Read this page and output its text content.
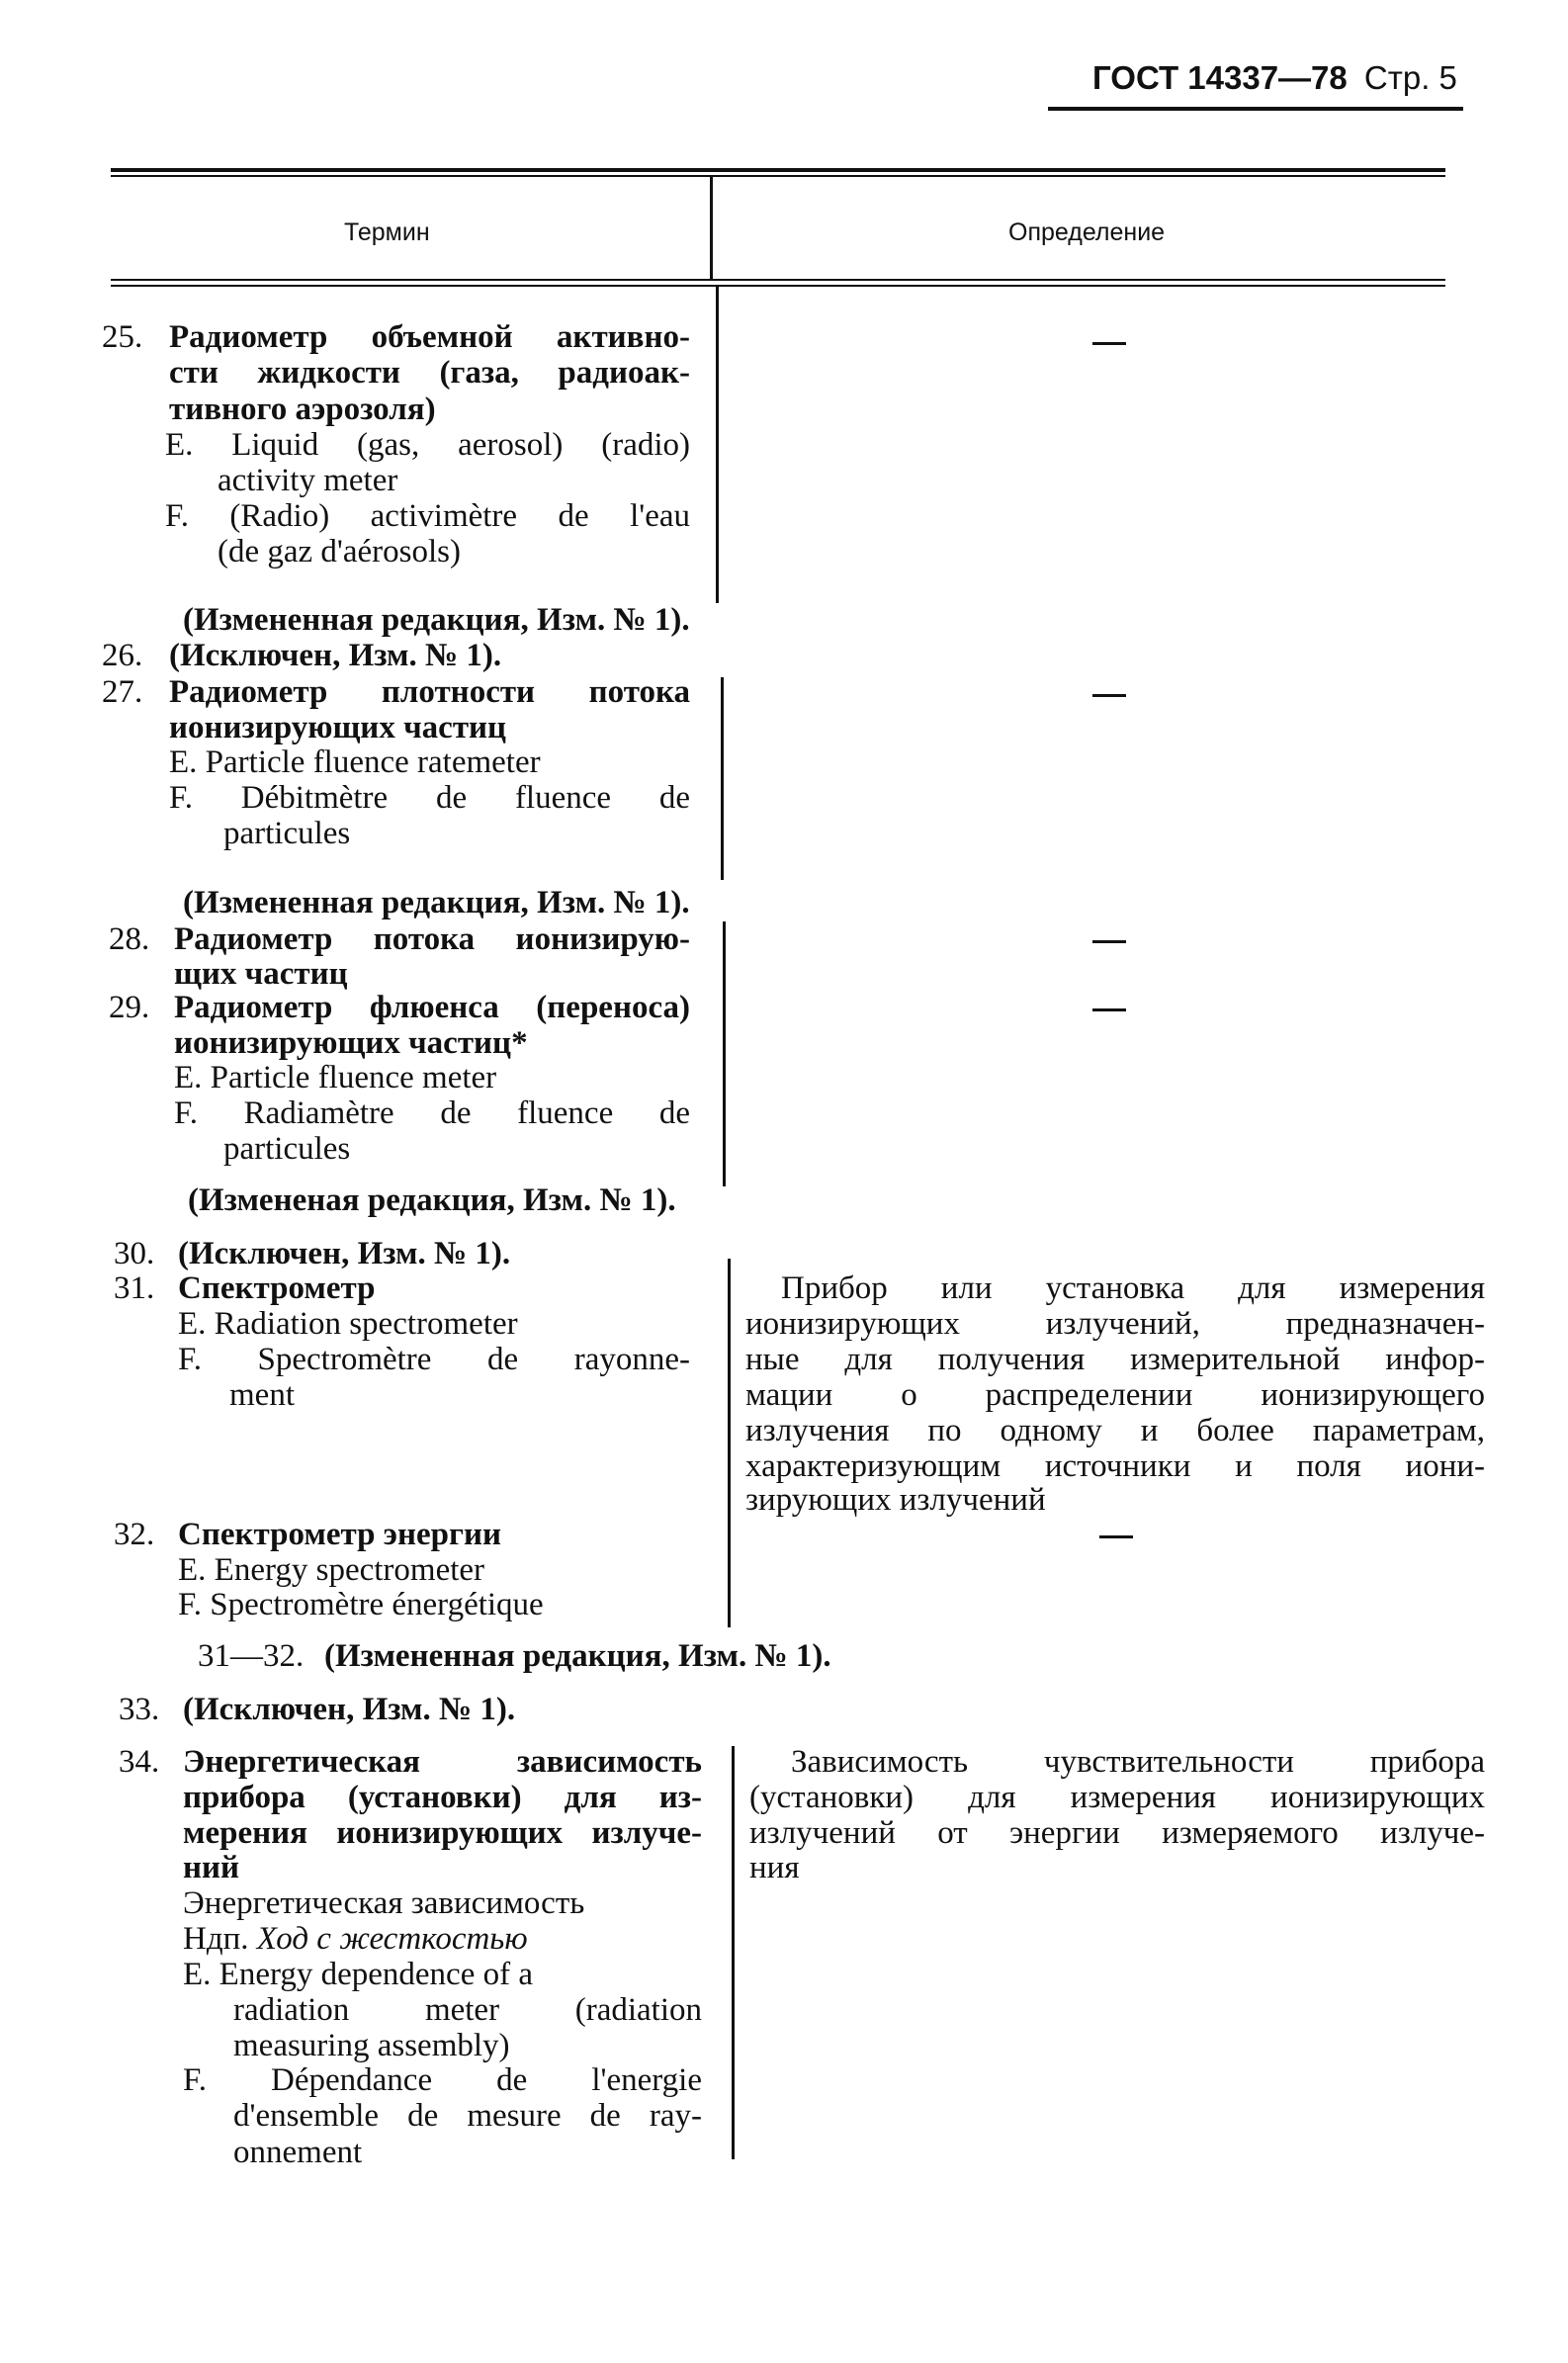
ГОСТ 14337—78 Стр. 5
Термин	Определение
25. Радиометр объемной активно-
сти жидкости (газа, радиоак-
тивного аэрозоля)
E. Liquid (gas, aerosol) (radio)
activity meter
F. (Radio) activimètre de l'eau
(de gaz d'aérosols)
(Измененная редакция, Изм. № 1).
26. (Исключен, Изм. № 1).
27. Радиометр плотности потока
ионизирующих частиц
E. Particle fluence ratemeter
F. Débitmètre de fluence de
particules
(Измененная редакция, Изм. № 1).
28. Радиометр потока ионизирую-
щих частиц
29. Радиометр флюенса (переноса)
ионизирующих частиц*
E. Particle fluence meter
F. Radiamètre de fluence de
particules
(Измененая редакция, Изм. № 1).
30. (Исключен, Изм. № 1).
31. Спектрометр
E. Radiation spectrometer
F. Spectromètre de rayonne-
ment
Прибор или установка для измерения
ионизирующих излучений, предназначен-
ные для получения измерительной инфор-
мации о распределении ионизирующего
излучения по одному и более параметрам,
характеризующим источники и поля иони-
зирующих излучений
32. Спектрометр энергии
E. Energy spectrometer
F. Spectromètre énergétique
31—32. (Измененная редакция, Изм. № 1).
33. (Исключен, Изм. № 1).
34. Энергетическая зависимость
прибора (установки) для из-
мерения ионизирующих излуче-
ний
Энергетическая зависимость
Ндп. Ход с жесткостью
E. Energy dependence of a
radiation meter (radiation
measuring assembly)
F. Dépendance de l'energie
d'ensemble de mesure de ray-
onnement
Зависимость чувствительности прибора
(установки) для измерения ионизирующих
излучений от энергии измеряемого излуче-
ния
